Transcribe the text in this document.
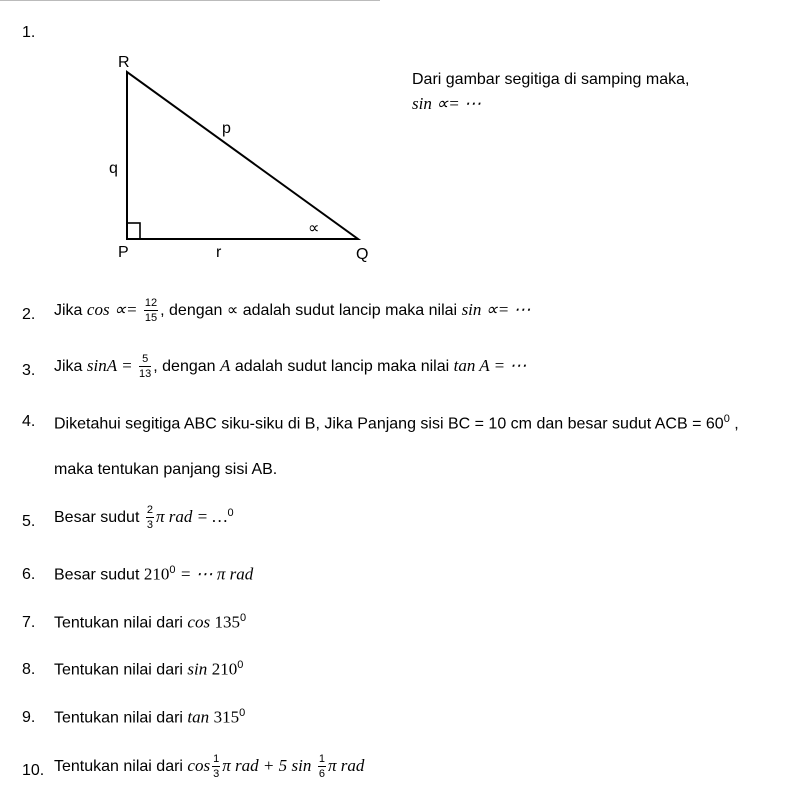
1.
R
P	Q
p
q
r
∝
Dari gambar segitiga di samping maka,
sin ∝= ⋯
2. Jika $\cos \propto= \frac{12}{15}$ , dengan ∝ adalah sudut lancip maka nilai sin ∝= ⋯
3. Jika $\sin A = \frac{5}{13}$ , dengan A adalah sudut lancip maka nilai tan A = ⋯
4. Diketahui segitiga ABC siku-siku di B, Jika Panjang sisi BC = 10 cm dan besar sudut ACB = $60^0$ ,
maka tentukan panjang sisi AB.
5. Besar sudut $\frac{2}{3}$ π rad = …$^0$
6. Besar sudut $210^0$ = ⋯ π rad
7. Tentukan nilai dari $\cos 135^0$
8. Tentukan nilai dari $\sin 210^0$
9. Tentukan nilai dari $\tan 315^0$
10. Tentukan nilai dari $\cos \frac{1}{3}$ π rad + 5 $\sin \frac{1}{6}$ π rad
